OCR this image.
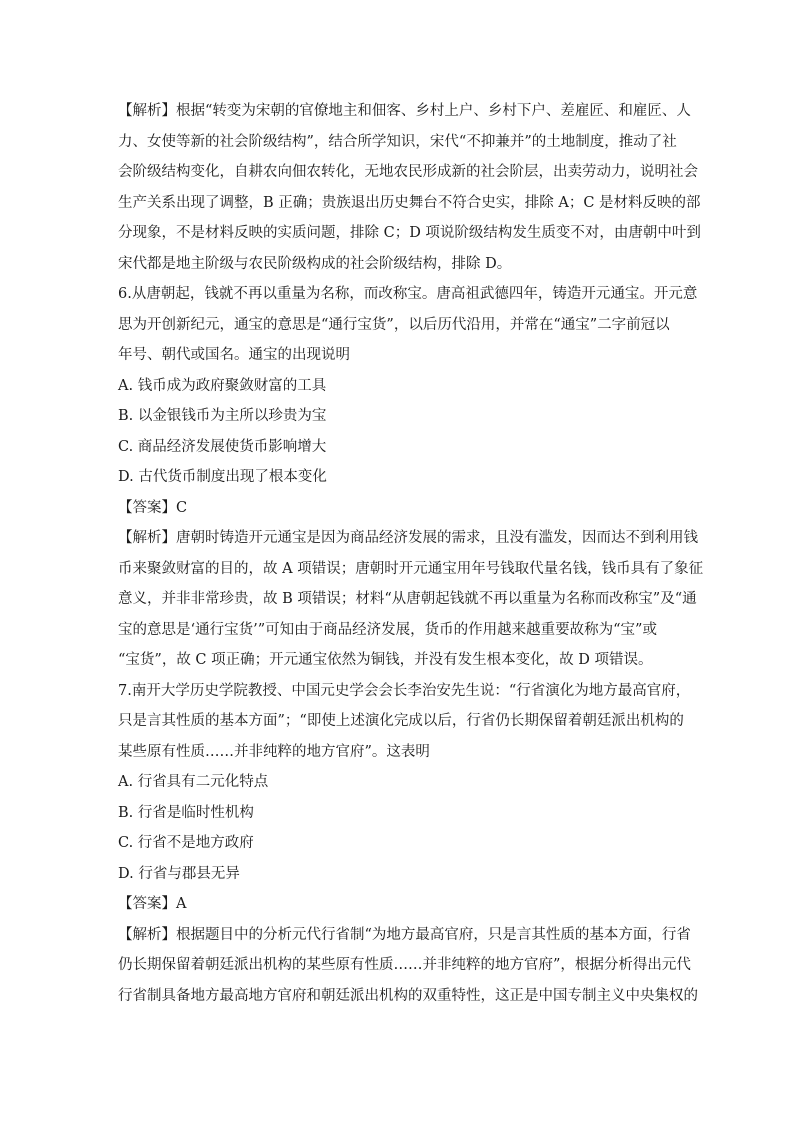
【解析】根据“转变为宋朝的官僚地主和佃客、乡村上户、乡村下户、差雇匠、和雇匠、人
力、女使等新的社会阶级结构”，结合所学知识，宋代“不抑兼并”的土地制度，推动了社
会阶级结构变化，自耕农向佃农转化，无地农民形成新的社会阶层，出卖劳动力，说明社会
生产关系出现了调整，B 正确；贵族退出历史舞台不符合史实，排除 A；C 是材料反映的部
分现象，不是材料反映的实质问题，排除 C；D 项说阶级结构发生质变不对，由唐朝中叶到
宋代都是地主阶级与农民阶级构成的社会阶级结构，排除 D。
6.从唐朝起，钱就不再以重量为名称，而改称宝。唐高祖武德四年，铸造开元通宝。开元意
思为开创新纪元，通宝的意思是“通行宝货”，以后历代沿用，并常在“通宝”二字前冠以
年号、朝代或国名。通宝的出现说明
A. 钱币成为政府聚敛财富的工具
B. 以金银钱币为主所以珍贵为宝
C. 商品经济发展使货币影响增大
D. 古代货币制度出现了根本变化
【答案】C
【解析】唐朝时铸造开元通宝是因为商品经济发展的需求，且没有滥发，因而达不到利用钱
币来聚敛财富的目的，故 A 项错误；唐朝时开元通宝用年号钱取代量名钱，钱币具有了象征
意义，并非非常珍贵，故 B 项错误；材料“从唐朝起钱就不再以重量为名称而改称宝”及“通
宝的意思是‘通行宝货’”可知由于商品经济发展，货币的作用越来越重要故称为“宝”或
“宝货”，故 C 项正确；开元通宝依然为铜钱，并没有发生根本变化，故 D 项错误。
7.南开大学历史学院教授、中国元史学会会长李治安先生说：“行省演化为地方最高官府，
只是言其性质的基本方面”；“即使上述演化完成以后，行省仍长期保留着朝廷派出机构的
某些原有性质……并非纯粹的地方官府”。这表明
A. 行省具有二元化特点
B. 行省是临时性机构
C. 行省不是地方政府
D. 行省与郡县无异
【答案】A
【解析】根据题目中的分析元代行省制“为地方最高官府，只是言其性质的基本方面，行省
仍长期保留着朝廷派出机构的某些原有性质……并非纯粹的地方官府”，根据分析得出元代
行省制具备地方最高地方官府和朝廷派出机构的双重特性，这正是中国专制主义中央集权的
